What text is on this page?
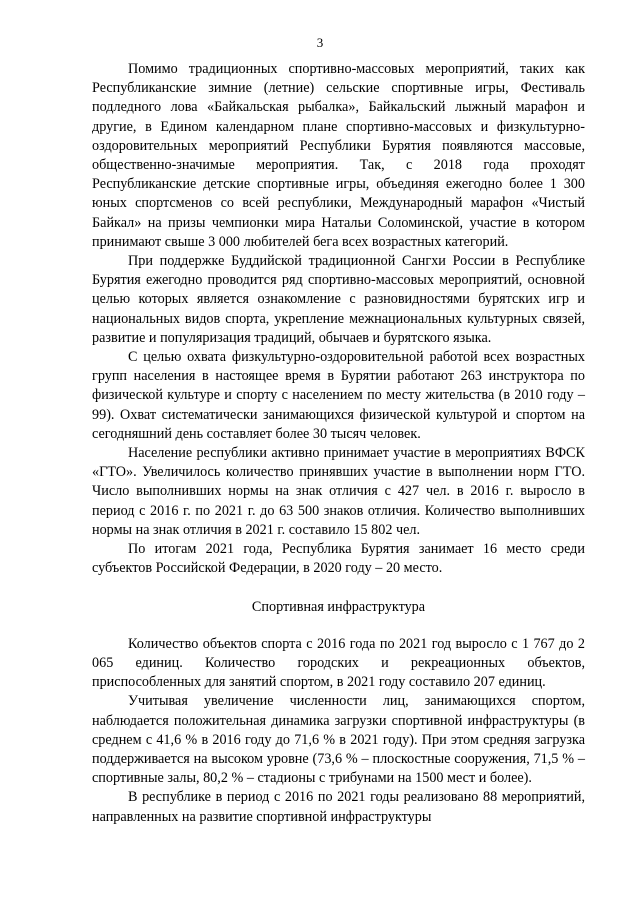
3

Помимо традиционных спортивно-массовых мероприятий, таких как Республиканские зимние (летние) сельские спортивные игры, Фестиваль подледного лова «Байкальская рыбалка», Байкальский лыжный марафон и другие, в Едином календарном плане спортивно-массовых и физкультурно-оздоровительных мероприятий Республики Бурятия появляются массовые, общественно-значимые мероприятия. Так, с 2018 года проходят Республиканские детские спортивные игры, объединяя ежегодно более 1 300 юных спортсменов со всей республики, Международный марафон «Чистый Байкал» на призы чемпионки мира Натальи Соломинской, участие в котором принимают свыше 3 000 любителей бега всех возрастных категорий.

При поддержке Буддийской традиционной Сангхи России в Республике Бурятия ежегодно проводится ряд спортивно-массовых мероприятий, основной целью которых является ознакомление с разновидностями бурятских игр и национальных видов спорта, укрепление межнациональных культурных связей, развитие и популяризация традиций, обычаев и бурятского языка.

С целью охвата физкультурно-оздоровительной работой всех возрастных групп населения в настоящее время в Бурятии работают 263 инструктора по физической культуре и спорту с населением по месту жительства (в 2010 году – 99). Охват систематически занимающихся физической культурой и спортом на сегодняшний день составляет более 30 тысяч человек.

Население республики активно принимает участие в мероприятиях ВФСК «ГТО». Увеличилось количество принявших участие в выполнении норм ГТО. Число выполнивших нормы на знак отличия с 427 чел. в 2016 г. выросло в период с 2016 г. по 2021 г. до 63 500 знаков отличия. Количество выполнивших нормы на знак отличия в 2021 г. составило 15 802 чел.

По итогам 2021 года, Республика Бурятия занимает 16 место среди субъектов Российской Федерации, в 2020 году – 20 место.

Спортивная инфраструктура

Количество объектов спорта с 2016 года по 2021 год выросло с 1 767 до 2 065 единиц. Количество городских и рекреационных объектов, приспособленных для занятий спортом, в 2021 году составило 207 единиц.

Учитывая увеличение численности лиц, занимающихся спортом, наблюдается положительная динамика загрузки спортивной инфраструктуры (в среднем с 41,6 % в 2016 году до 71,6 % в 2021 году). При этом средняя загрузка поддерживается на высоком уровне (73,6 % – плоскостные сооружения, 71,5 % – спортивные залы, 80,2 % – стадионы с трибунами на 1500 мест и более).

В республике в период с 2016 по 2021 годы реализовано 88 мероприятий, направленных на развитие спортивной инфраструктуры
